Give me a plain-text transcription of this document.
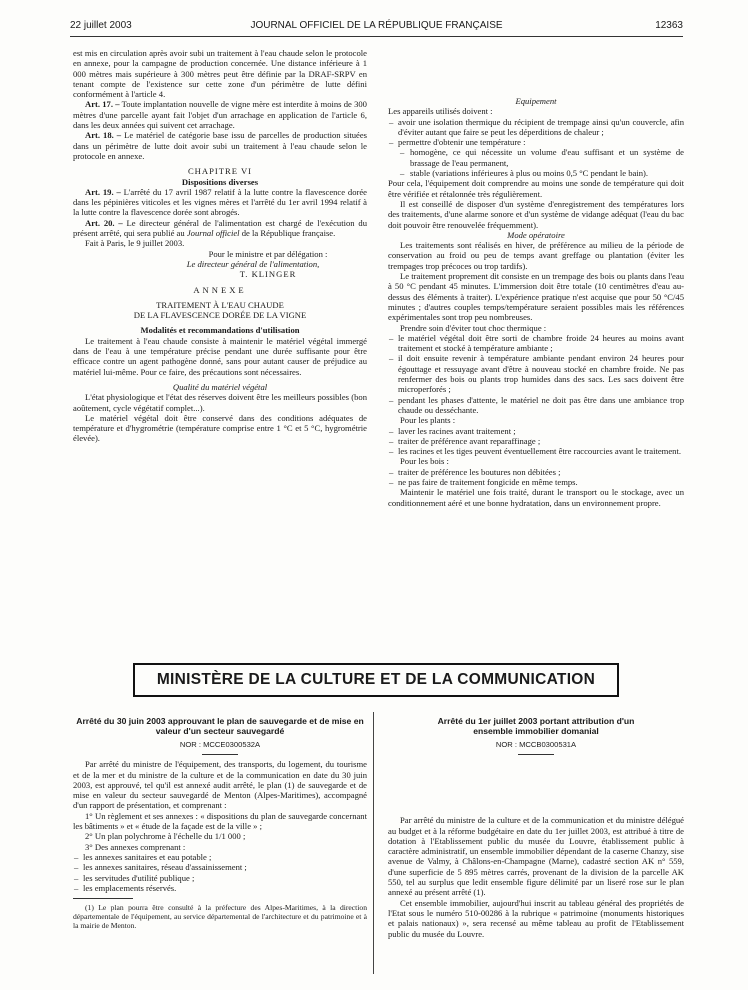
22 juillet 2003	JOURNAL OFFICIEL DE LA RÉPUBLIQUE FRANÇAISE	12363

est mis en circulation après avoir subi un traitement à l'eau chaude selon le protocole en annexe, pour la campagne de production concernée. Une distance inférieure à 1 000 mètres mais supérieure à 300 mètres peut être définie par la DRAF-SRPV en tenant compte de l'existence sur cette zone d'un périmètre de lutte défini conformément à l'article 4.

Art. 17. – Toute implantation nouvelle de vigne mère est interdite à moins de 300 mètres d'une parcelle ayant fait l'objet d'un arrachage en application de l'article 6, dans les deux années qui suivent cet arrachage.

Art. 18. – Le matériel de catégorie base issu de parcelles de production situées dans un périmètre de lutte doit avoir subi un traitement à l'eau chaude selon le protocole en annexe.

CHAPITRE VI

Dispositions diverses

Art. 19. – L'arrêté du 17 avril 1987 relatif à la lutte contre la flavescence dorée dans les pépinières viticoles et les vignes mères et l'arrêté du 1er avril 1994 relatif à la lutte contre la flavescence dorée sont abrogés.

Art. 20. – Le directeur général de l'alimentation est chargé de l'exécution du présent arrêté, qui sera publié au Journal officiel de la République française.

Fait à Paris, le 9 juillet 2003.

Pour le ministre et par délégation :
Le directeur général de l'alimentation,
T. KLINGER

ANNEXE

TRAITEMENT À L'EAU CHAUDE

DE LA FLAVESCENCE DORÉE DE LA VIGNE

Modalités et recommandations d'utilisation

Le traitement à l'eau chaude consiste à maintenir le matériel végétal immergé dans de l'eau à une température précise pendant une durée suffisante pour être efficace contre un agent pathogène donné, sans pour autant causer de préjudice au matériel lui-même. Pour ce faire, des précautions sont nécessaires.

Qualité du matériel végétal

L'état physiologique et l'état des réserves doivent être les meilleurs possibles (bon aoûtement, cycle végétatif complet...).

Le matériel végétal doit être conservé dans des conditions adéquates de température et d'hygrométrie (température comprise entre 1 °C et 5 °C, hygrométrie élevée).

Equipement

Les appareils utilisés doivent :

– avoir une isolation thermique du récipient de trempage ainsi qu'un couvercle, afin d'éviter autant que faire se peut les déperditions de chaleur ;

– permettre d'obtenir une température :

– homogène, ce qui nécessite un volume d'eau suffisant et un système de brassage de l'eau permanent,

– stable (variations inférieures à plus ou moins 0,5 °C pendant le bain).

Pour cela, l'équipement doit comprendre au moins une sonde de température qui doit être vérifiée et rétalonnée très régulièrement.

Il est conseillé de disposer d'un système d'enregistrement des températures lors des traitements, d'une alarme sonore et d'un système de vidange adéquat (l'eau du bac doit pouvoir être renouvelée fréquemment).

Mode opératoire

Les traitements sont réalisés en hiver, de préférence au milieu de la période de conservation au froid ou peu de temps avant greffage ou plantation (éviter les trempages trop précoces ou trop tardifs).

Le traitement proprement dit consiste en un trempage des bois ou plants dans l'eau à 50 °C pendant 45 minutes. L'immersion doit être totale (10 centimètres d'eau au-dessus des éléments à traiter). L'expérience pratique n'est acquise que pour 50 °C/45 minutes ; d'autres couples temps/température seraient possibles mais les références expérimentales sont trop peu nombreuses.

Prendre soin d'éviter tout choc thermique :

– le matériel végétal doit être sorti de chambre froide 24 heures au moins avant traitement et stocké à température ambiante ;

– il doit ensuite revenir à température ambiante pendant environ 24 heures pour égouttage et ressuyage avant d'être à nouveau stocké en chambre froide. Ne pas renfermer des bois ou plants trop humides dans des sacs. Les sacs doivent être microperforés ;

– pendant les phases d'attente, le matériel ne doit pas être dans une ambiance trop chaude ou desséchante.

Pour les plants :

– laver les racines avant traitement ;

– traiter de préférence avant reparaffinage ;

– les racines et les tiges peuvent éventuellement être raccourcies avant le traitement.

Pour les bois :

– traiter de préférence les boutures non débitées ;

– ne pas faire de traitement fongicide en même temps.

Maintenir le matériel une fois traité, durant le transport ou le stockage, avec un conditionnement aéré et une bonne hydratation, dans un environnement propre.

MINISTÈRE DE LA CULTURE ET DE LA COMMUNICATION
Arrêté du 30 juin 2003 approuvant le plan de sauvegarde et de mise en valeur d'un secteur sauvegardé
NOR : MCCE0300532A

Par arrêté du ministre de l'équipement, des transports, du logement, du tourisme et de la mer et du ministre de la culture et de la communication en date du 30 juin 2003, est approuvé, tel qu'il est annexé audit arrêté, le plan (1) de sauvegarde et de mise en valeur du secteur sauvegardé de Menton (Alpes-Maritimes), accompagné d'un rapport de présentation, et comprenant :

1° Un règlement et ses annexes : « dispositions du plan de sauvegarde concernant les bâtiments » et « étude de la façade est de la ville » ;

2° Un plan polychrome à l'échelle du 1/1 000 ;

3° Des annexes comprenant :

– les annexes sanitaires et eau potable ;

– les annexes sanitaires, réseau d'assainissement ;

– les servitudes d'utilité publique ;

– les emplacements réservés.

(1) Le plan pourra être consulté à la préfecture des Alpes-Maritimes, à la direction départementale de l'équipement, au service départemental de l'architecture et du patrimoine et à la mairie de Menton.

Arrêté du 1er juillet 2003 portant attribution d'un ensemble immobilier domanial
NOR : MCCB0300531A

Par arrêté du ministre de la culture et de la communication et du ministre délégué au budget et à la réforme budgétaire en date du 1er juillet 2003, est attribué à titre de dotation à l'Etablissement public du musée du Louvre, établissement public à caractère administratif, un ensemble immobilier dépendant de la caserne Chanzy, sise avenue de Valmy, à Châlons-en-Champagne (Marne), cadastré section AK n° 559, d'une superficie de 5 895 mètres carrés, provenant de la division de la parcelle AK 550, tel au surplus que ledit ensemble figure délimité par un liseré rose sur le plan annexé au présent arrêté (1).

Cet ensemble immobilier, aujourd'hui inscrit au tableau général des propriétés de l'Etat sous le numéro 510-00286 à la rubrique « patrimoine (monuments historiques et palais nationaux) », sera recensé au même tableau au profit de l'Etablissement public du musée du Louvre.
